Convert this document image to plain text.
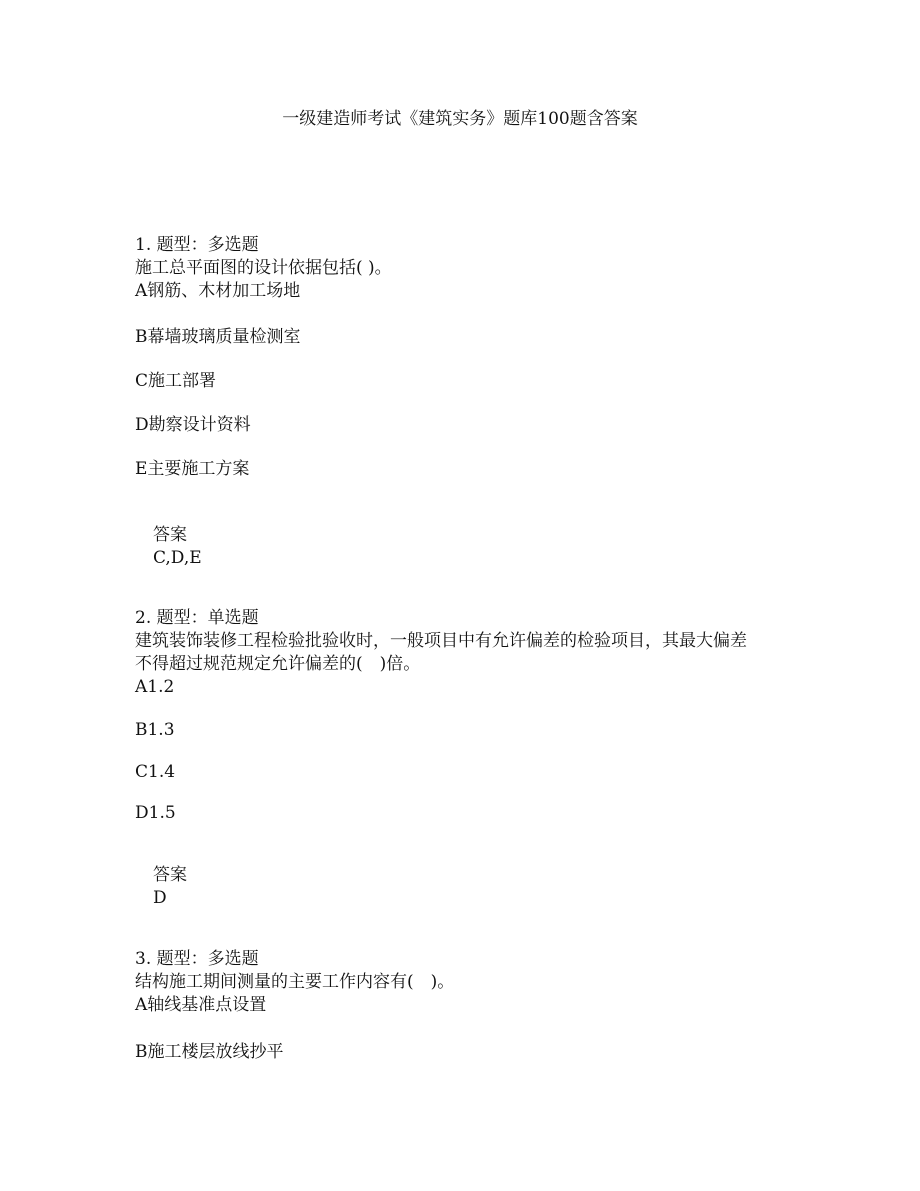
一级建造师考试《建筑实务》题库100题含答案
1. 题型：多选题
施工总平面图的设计依据包括( )。
A钢筋、木材加工场地
B幕墙玻璃质量检测室
C施工部署
D勘察设计资料
E主要施工方案
答案
C,D,E
2. 题型：单选题
建筑装饰装修工程检验批验收时，一般项目中有允许偏差的检验项目，其最大偏差
不得超过规范规定允许偏差的(　)倍。
A1.2
B1.3
C1.4
D1.5
答案
D
3. 题型：多选题
结构施工期间测量的主要工作内容有(　)。
A轴线基准点设置
B施工楼层放线抄平
